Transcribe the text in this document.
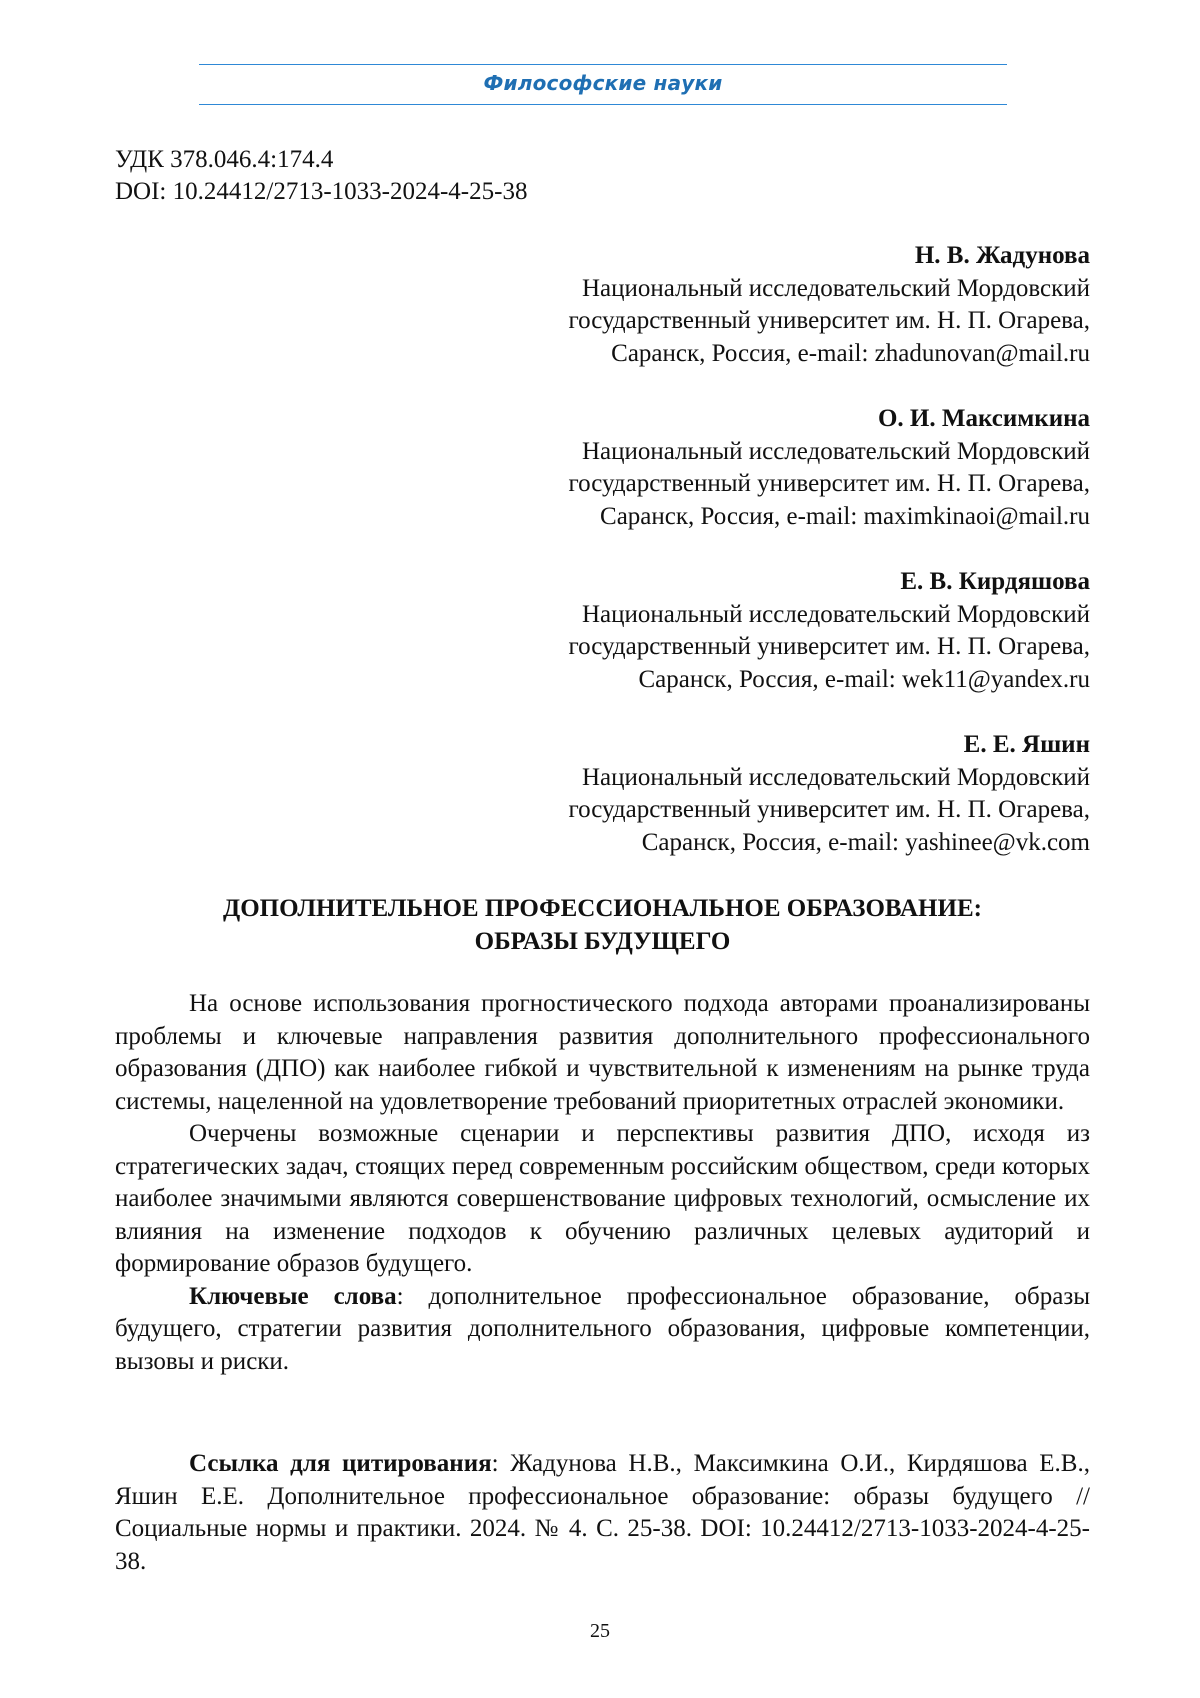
Философские науки
УДК 378.046.4:174.4
DOI: 10.24412/2713-1033-2024-4-25-38
Н. В. Жадунова
Национальный исследовательский Мордовский
государственный университет им. Н. П. Огарева,
Саранск, Россия, e-mail: zhadunovan@mail.ru
О. И. Максимкина
Национальный исследовательский Мордовский
государственный университет им. Н. П. Огарева,
Саранск, Россия, e-mail: maximkinaoi@mail.ru
Е. В. Кирдяшова
Национальный исследовательский Мордовский
государственный университет им. Н. П. Огарева,
Саранск, Россия, e-mail: wek11@yandex.ru
Е. Е. Яшин
Национальный исследовательский Мордовский
государственный университет им. Н. П. Огарева,
Саранск, Россия, e-mail: yashinee@vk.com
ДОПОЛНИТЕЛЬНОЕ ПРОФЕССИОНАЛЬНОЕ ОБРАЗОВАНИЕ:
ОБРАЗЫ БУДУЩЕГО

На основе использования прогностического подхода авторами проанализированы проблемы и ключевые направления развития дополнительного профессионального образования (ДПО) как наиболее гибкой и чувствительной к изменениям на рынке труда системы, нацеленной на удовлетворение требований приоритетных отраслей экономики.

Очерчены возможные сценарии и перспективы развития ДПО, исходя из стратегических задач, стоящих перед современным российским обществом, среди которых наиболее значимыми являются совершенствование цифровых технологий, осмысление их влияния на изменение подходов к обучению различных целевых аудиторий и формирование образов будущего.

Ключевые слова: дополнительное профессиональное образование, образы будущего, стратегии развития дополнительного образования, цифровые компетенции, вызовы и риски.

Ссылка для цитирования: Жадунова Н.В., Максимкина О.И., Кирдяшова Е.В., Яшин Е.Е. Дополнительное профессиональное образование: образы будущего // Социальные нормы и практики. 2024. № 4. С. 25-38. DOI: 10.24412/2713-1033-2024-4-25-38.

25
